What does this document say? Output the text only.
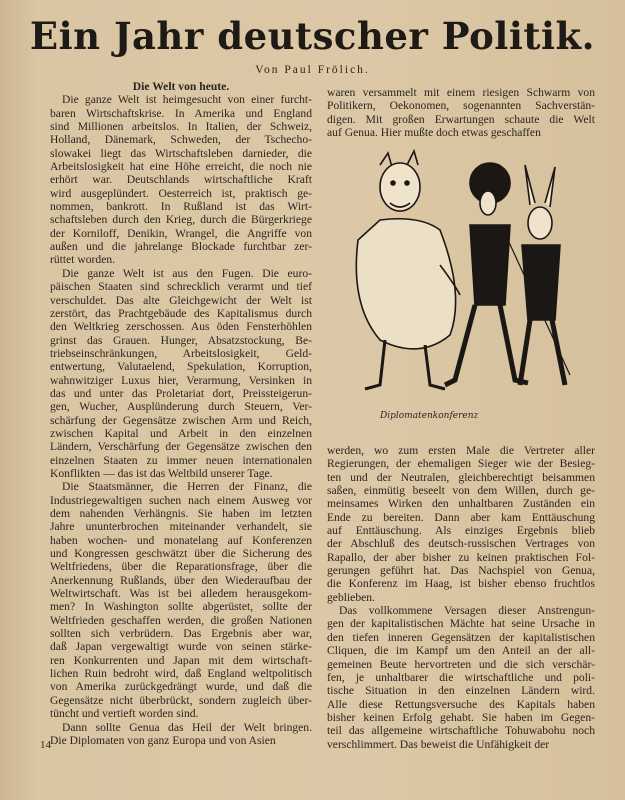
Ein Jahr deutscher Politik.
Von Paul Frölich.
Die Welt von heute.
Die ganze Welt ist heimgesucht von einer furcht-
baren Wirtschaftskrise. In Amerika und England
sind Millionen arbeitslos. In Italien, der Schweiz,
Holland, Dänemark, Schweden, der Tschecho-
slowakei liegt das Wirtschaftsleben darnieder, die
Arbeitslosigkeit hat eine Höhe erreicht, die noch nie
erhört war. Deutschlands wirtschaftliche Kraft
wird ausgeplündert. Oesterreich ist, praktisch ge-
nommen, bankrott. In Rußland ist das Wirt-
schaftsleben durch den Krieg, durch die Bürgerkriege
der Korniloff, Denikin, Wrangel, die Angriffe von
außen und die jahrelange Blockade furchtbar zer-
rüttet worden.
Die ganze Welt ist aus den Fugen. Die euro-
päischen Staaten sind schrecklich verarmt und tief
verschuldet. Das alte Gleichgewicht der Welt ist
zerstört, das Prachtgebäude des Kapitalismus durch
den Weltkrieg zerschossen. Aus öden Fensterhöhlen
grinst das Grauen. Hunger, Absatzstockung, Be-
triebseinschränkungen, Arbeitslosigkeit, Geld-
entwertung, Valutaelend, Spekulation, Korruption,
wahnwitziger Luxus hier, Verarmung, Versinken in
das und unter das Proletariat dort, Preissteigerun-
gen, Wucher, Ausplünderung durch Steuern, Ver-
schärfung der Gegensätze zwischen Arm und Reich,
zwischen Kapital und Arbeit in den einzelnen
Ländern, Verschärfung der Gegensätze zwischen den
einzelnen Staaten zu immer neuen internationalen
Konflikten — das ist das Weltbild unserer Tage.
Die Staatsmänner, die Herren der Finanz, die
Industriegewaltigen suchen nach einem Ausweg vor
dem nahenden Verhängnis. Sie haben im letzten
Jahre ununterbrochen miteinander verhandelt, sie
haben wochen- und monatelang auf Konferenzen
und Kongressen geschwätzt über die Sicherung des
Weltfriedens, über die Reparationsfrage, über die
Anerkennung Rußlands, über den Wiederaufbau der
Weltwirtschaft. Was ist bei alledem herausgekom-
men? In Washington sollte abgerüstet, sollte der
Weltfrieden geschaffen werden, die großen Nationen
sollten sich verbrüdern. Das Ergebnis aber war,
daß Japan vergewaltigt wurde von seinen stärke-
ren Konkurrenten und Japan mit dem wirtschaft-
lichen Ruin bedroht wird, daß England weltpolitisch
von Amerika zurückgedrängt wurde, und daß die
Gegensätze nicht überbrückt, sondern zugleich über-
tüncht und vertieft worden sind.
Dann sollte Genua das Heil der Welt bringen.
Die Diplomaten von ganz Europa und von Asien
waren versammelt mit einem riesigen Schwarm von
Politikern, Oekonomen, sogenannten Sachverstän-
digen. Mit großen Erwartungen schaute die Welt
auf Genua. Hier mußte doch etwas geschaffen
Diplomatenkonferenz
werden, wo zum ersten Male die Vertreter aller
Regierungen, der ehemaligen Sieger wie der Besieg-
ten und der Neutralen, gleichberechtigt beisammen
saßen, einmütig beseelt von dem Willen, durch ge-
meinsames Wirken den unhaltbaren Zuständen ein
Ende zu bereiten. Dann aber kam Enttäuschung
auf Enttäuschung. Als einziges Ergebnis blieb
der Abschluß des deutsch-russischen Vertrages von
Rapallo, der aber bisher zu keinen praktischen Fol-
gerungen geführt hat. Das Nachspiel von Genua,
die Konferenz im Haag, ist bisher ebenso fruchtlos
geblieben.
Das vollkommene Versagen dieser Anstrengun-
gen der kapitalistischen Mächte hat seine Ursache in
den tiefen inneren Gegensätzen der kapitalistischen
Cliquen, die im Kampf um den Anteil an der all-
gemeinen Beute hervortreten und die sich verschär-
fen, je unhaltbarer die wirtschaftliche und poli-
tische Situation in den einzelnen Ländern wird.
Alle diese Rettungsversuche des Kapitals haben
bisher keinen Erfolg gehabt. Sie haben im Gegen-
teil das allgemeine wirtschaftliche Tohuwabohu noch
verschlimmert. Das beweist die Unfähigkeit der
14
